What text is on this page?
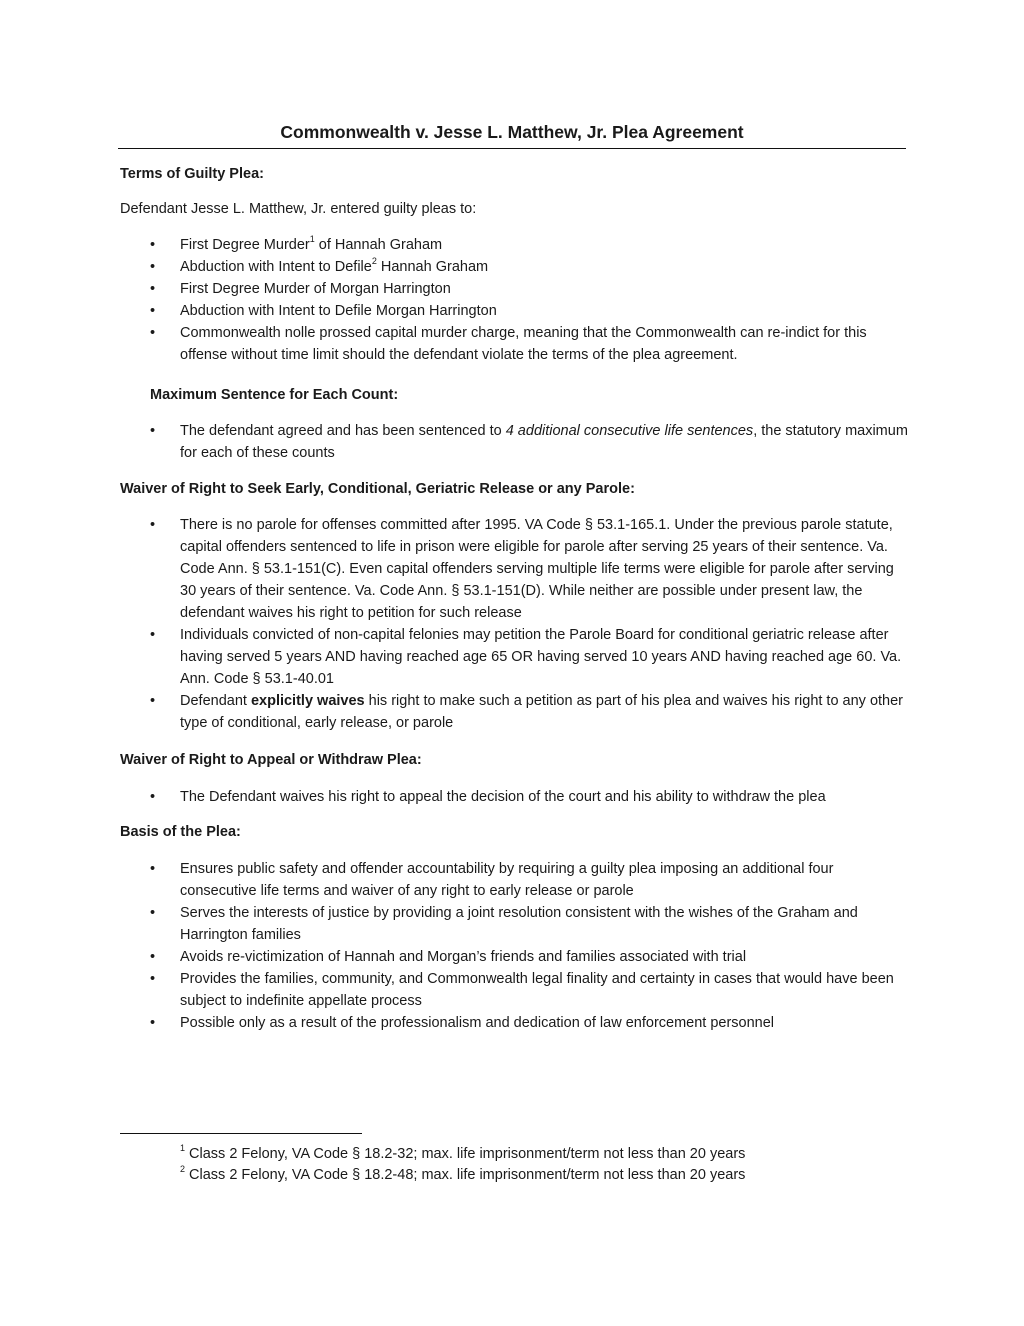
Commonwealth v. Jesse L. Matthew, Jr. Plea Agreement
Terms of Guilty Plea:
Defendant Jesse L. Matthew, Jr. entered guilty pleas to:
• First Degree Murder$^1$ of Hannah Graham
• Abduction with Intent to Defile$^2$ Hannah Graham
• First Degree Murder of Morgan Harrington
• Abduction with Intent to Defile Morgan Harrington
• Commonwealth nolle prossed capital murder charge, meaning that the Commonwealth can re-indict for this offense without time limit should the defendant violate the terms of the plea agreement.
Maximum Sentence for Each Count:
• The defendant agreed and has been sentenced to 4 additional consecutive life sentences, the statutory maximum for each of these counts
Waiver of Right to Seek Early, Conditional, Geriatric Release or any Parole:
• There is no parole for offenses committed after 1995. VA Code § 53.1-165.1. Under the previous parole statute, capital offenders sentenced to life in prison were eligible for parole after serving 25 years of their sentence. Va. Code Ann. § 53.1-151(C). Even capital offenders serving multiple life terms were eligible for parole after serving 30 years of their sentence. Va. Code Ann. § 53.1-151(D). While neither are possible under present law, the defendant waives his right to petition for such release
• Individuals convicted of non-capital felonies may petition the Parole Board for conditional geriatric release after having served 5 years AND having reached age 65 OR having served 10 years AND having reached age 60. Va. Ann. Code § 53.1-40.01
• Defendant explicitly waives his right to make such a petition as part of his plea and waives his right to any other type of conditional, early release, or parole
Waiver of Right to Appeal or Withdraw Plea:
• The Defendant waives his right to appeal the decision of the court and his ability to withdraw the plea
Basis of the Plea:
• Ensures public safety and offender accountability by requiring a guilty plea imposing an additional four consecutive life terms and waiver of any right to early release or parole
• Serves the interests of justice by providing a joint resolution consistent with the wishes of the Graham and Harrington families
• Avoids re-victimization of Hannah and Morgan’s friends and families associated with trial
• Provides the families, community, and Commonwealth legal finality and certainty in cases that would have been subject to indefinite appellate process
• Possible only as a result of the professionalism and dedication of law enforcement personnel
$^1$ Class 2 Felony, VA Code § 18.2-32; max. life imprisonment/term not less than 20 years
$^2$ Class 2 Felony, VA Code § 18.2-48; max. life imprisonment/term not less than 20 years
